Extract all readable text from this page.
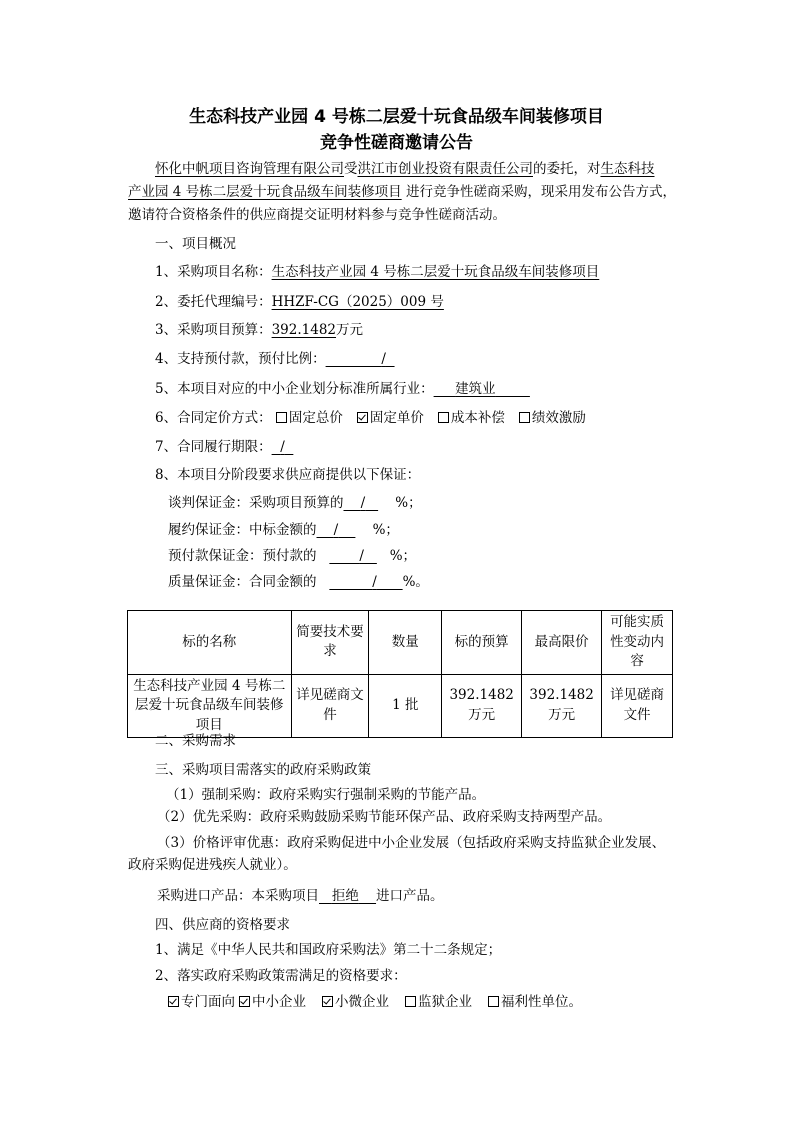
生态科技产业园 4 号栋二层爱十玩食品级车间装修项目
竞争性磋商邀请公告
怀化中帆项目咨询管理有限公司受洪江市创业投资有限责任公司的委托，对生态科技
产业园 4 号栋二层爱十玩食品级车间装修项目 进行竞争性磋商采购，现采用发布公告方式，
邀请符合资格条件的供应商提交证明材料参与竞争性磋商活动。
一、项目概况
1、采购项目名称：生态科技产业园 4 号栋二层爱十玩食品级车间装修项目
2、委托代理编号：HHZF-CG（2025）009 号
3、采购项目预算：392.1482万元
4、支持预付款，预付比例：	/
5、本项目对应的中小企业划分标准所属行业： 建筑业
6、合同定价方式： 固定总价 固定单价 成本补偿 绩效激励
7、合同履行期限： /
8、本项目分阶段要求供应商提供以下保证：
谈判保证金：采购项目预算的 / %；
履约保证金：中标金额的 /	%；
预付款保证金：预付款的	/ %；
质量保证金：合同金额的	/ %。
标的名称	简要技术要求	数量	标的预算	最高限价	可能实质性变动内容
生态科技产业园 4 号栋二层爱十玩食品级车间装修项目	详见磋商文件	1 批	392.1482 万元	392.1482 万元	详见磋商文件
二、采购需求
三、采购项目需落实的政府采购政策
（1）强制采购：政府采购实行强制采购的节能产品。
（2）优先采购：政府采购鼓励采购节能环保产品、政府采购支持两型产品。
（3）价格评审优惠：政府采购促进中小企业发展（包括政府采购支持监狱企业发展、
政府采购促进残疾人就业）。
采购进口产品：本采购项目 拒绝 进口产品。
四、供应商的资格要求
1、满足《中华人民共和国政府采购法》第二十二条规定；
2、落实政府采购政策需满足的资格要求：
专门面向 中小企业 小微企业 监狱企业 福利性单位。
